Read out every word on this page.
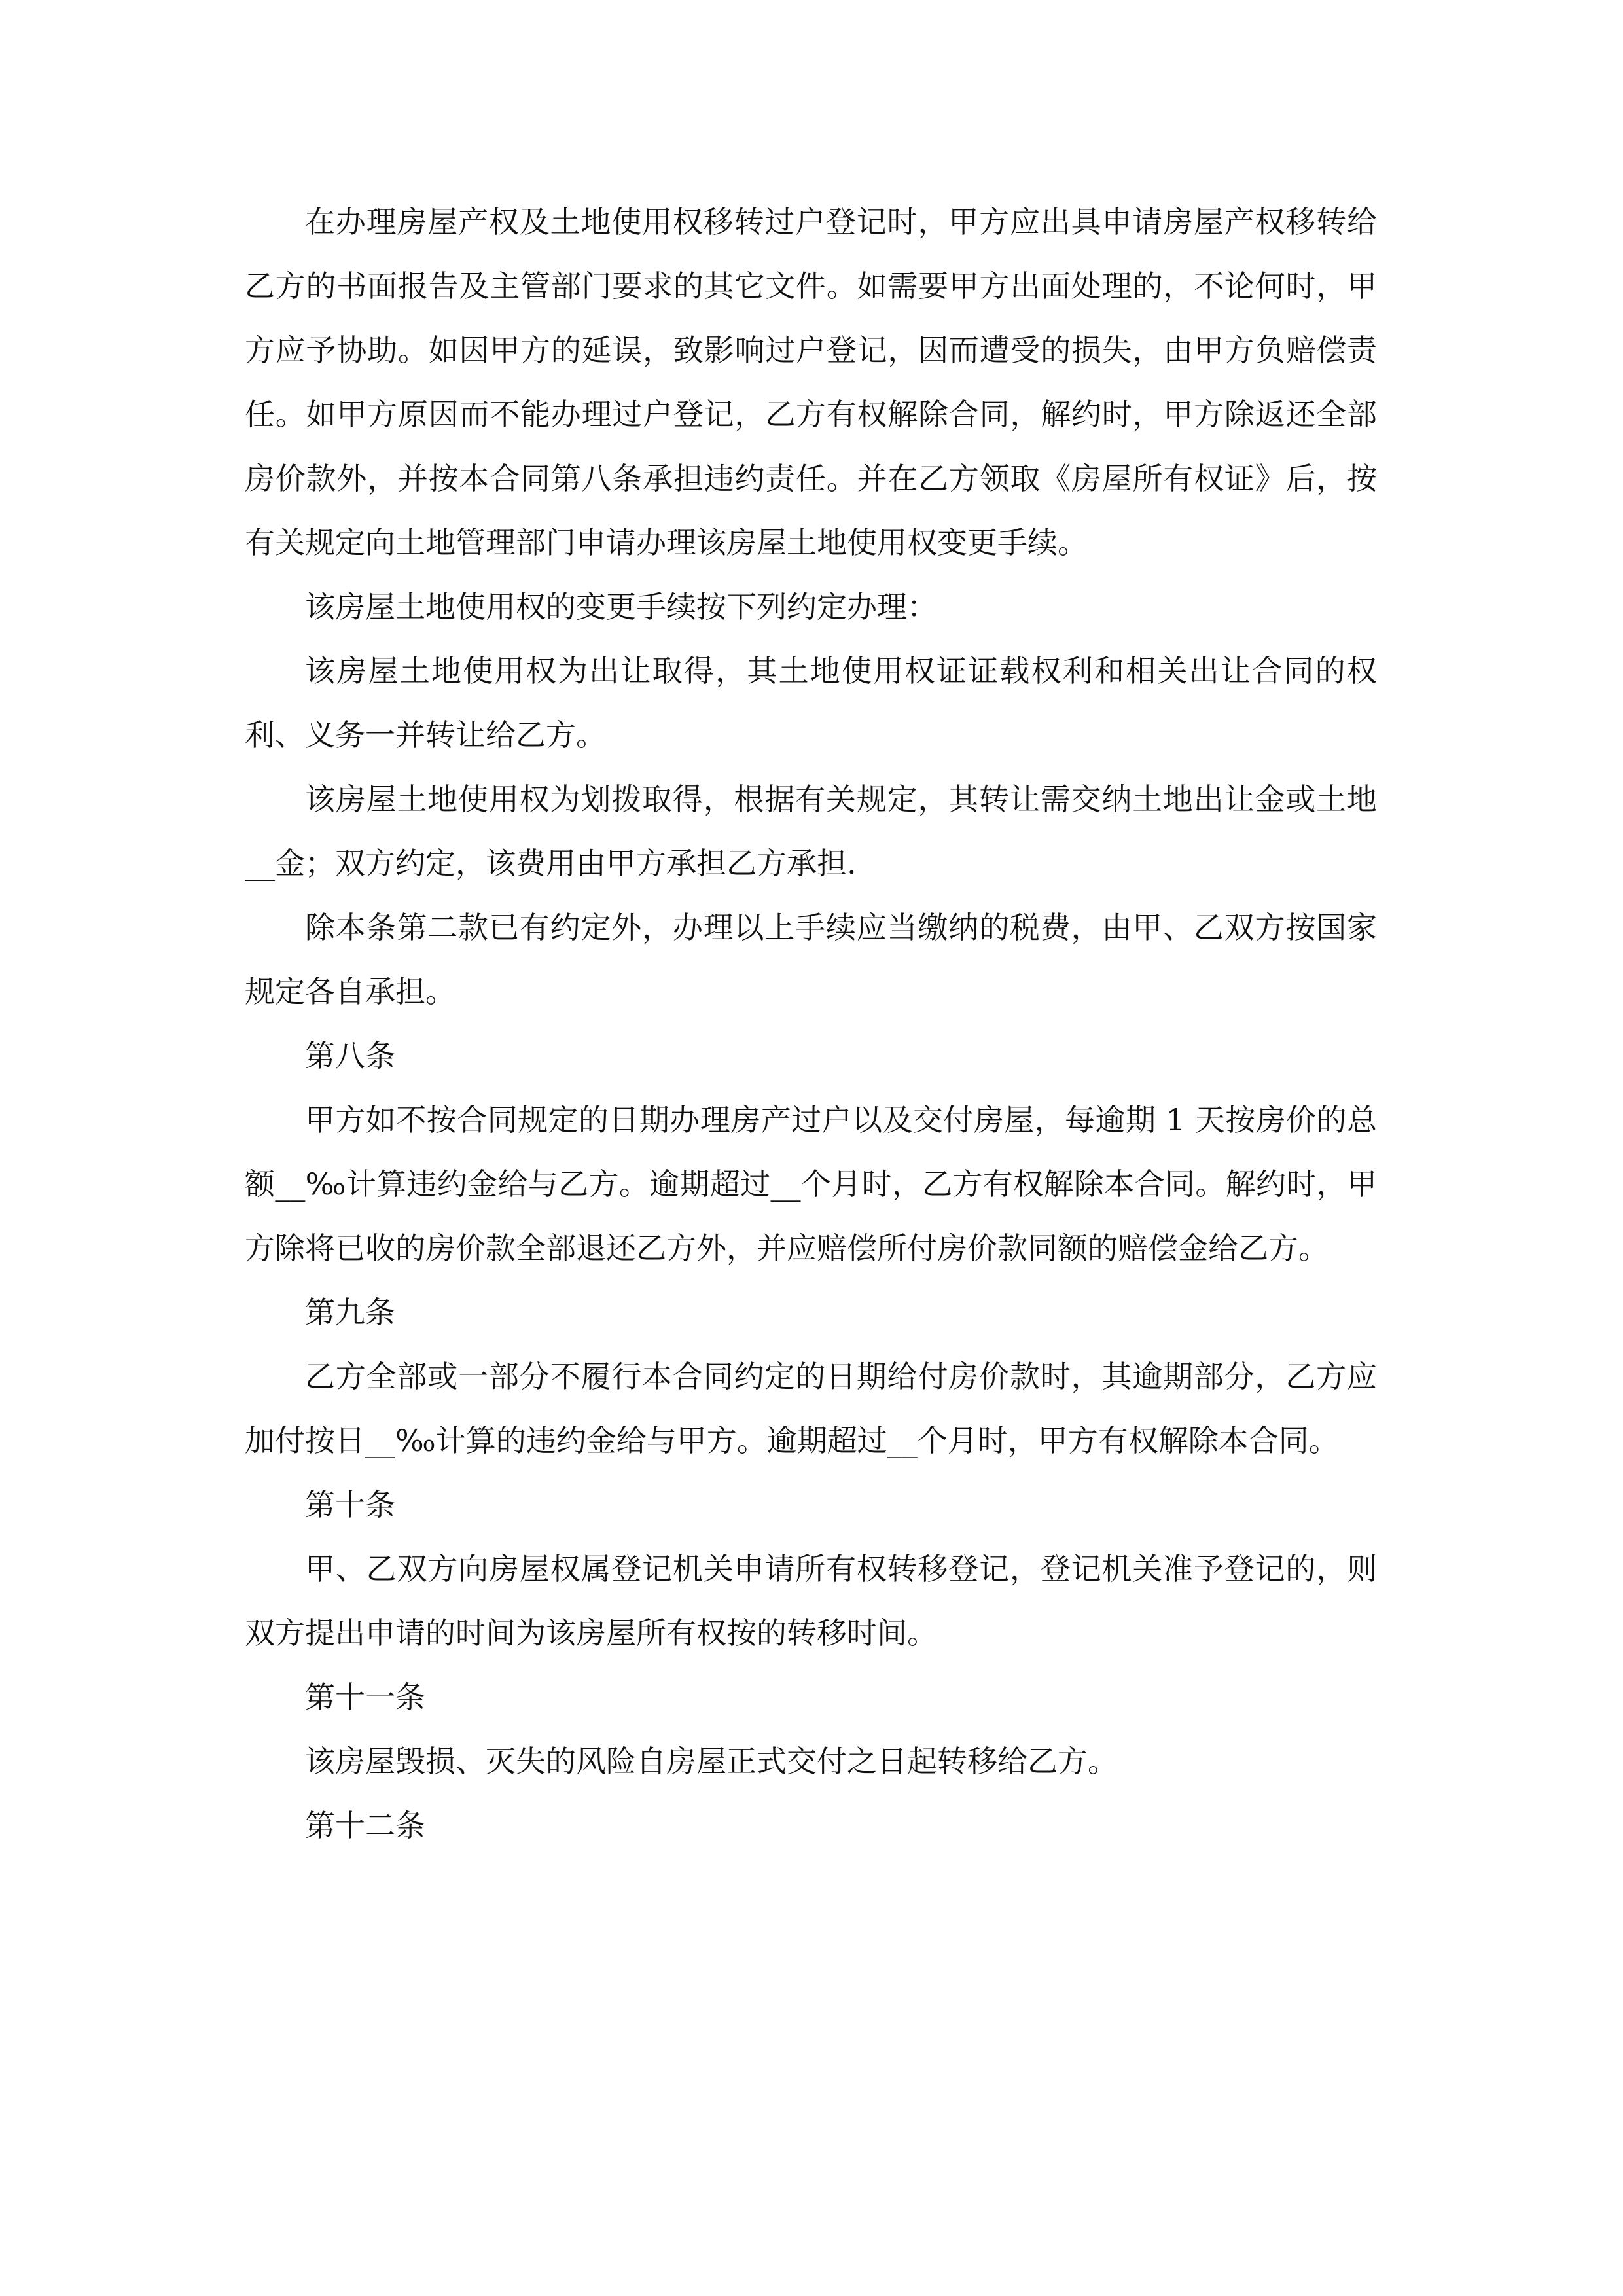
在办理房屋产权及土地使用权移转过户登记时，甲方应出具申请房屋产权移转给乙方的书面报告及主管部门要求的其它文件。如需要甲方出面处理的，不论何时，甲方应予协助。如因甲方的延误，致影响过户登记，因而遭受的损失，由甲方负赔偿责任。如甲方原因而不能办理过户登记，乙方有权解除合同，解约时，甲方除返还全部房价款外，并按本合同第八条承担违约责任。并在乙方领取《房屋所有权证》后，按有关规定向土地管理部门申请办理该房屋土地使用权变更手续。

该房屋土地使用权的变更手续按下列约定办理：

该房屋土地使用权为出让取得，其土地使用权证证载权利和相关出让合同的权利、义务一并转让给乙方。

该房屋土地使用权为划拨取得，根据有关规定，其转让需交纳土地出让金或土地__金；双方约定，该费用由甲方承担乙方承担.

除本条第二款已有约定外，办理以上手续应当缴纳的税费，由甲、乙双方按国家规定各自承担。

第八条

甲方如不按合同规定的日期办理房产过户以及交付房屋，每逾期 1 天按房价的总额__‰计算违约金给与乙方。逾期超过__个月时，乙方有权解除本合同。解约时，甲方除将已收的房价款全部退还乙方外，并应赔偿所付房价款同额的赔偿金给乙方。

第九条

乙方全部或一部分不履行本合同约定的日期给付房价款时，其逾期部分，乙方应加付按日__‰计算的违约金给与甲方。逾期超过__个月时，甲方有权解除本合同。

第十条

甲、乙双方向房屋权属登记机关申请所有权转移登记，登记机关准予登记的，则双方提出申请的时间为该房屋所有权按的转移时间。

第十一条

该房屋毁损、灭失的风险自房屋正式交付之日起转移给乙方。

第十二条
